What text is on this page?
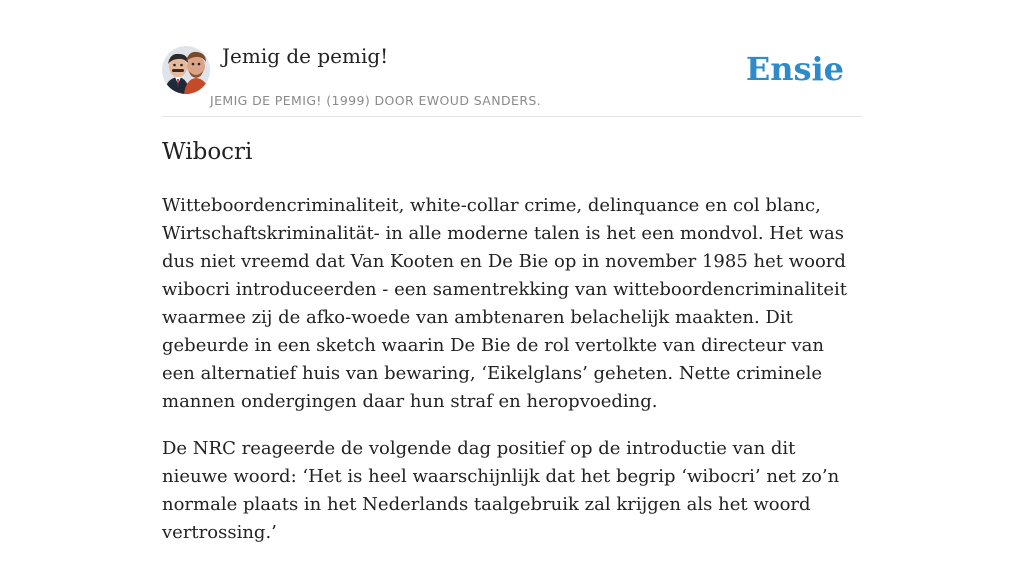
Jemig de pemig!
JEMIG DE PEMIG! (1999) DOOR EWOUD SANDERS.
Ensie
Wibocri

Witteboordencriminaliteit, white-collar crime, delinquance en col blanc, Wirtschaftskriminalität- in alle moderne talen is het een mondvol. Het was dus niet vreemd dat Van Kooten en De Bie op in november 1985 het woord wibocri introduceerden - een samentrekking van witteboordencriminaliteit waarmee zij de afko-woede van ambtenaren belachelijk maakten. Dit gebeurde in een sketch waarin De Bie de rol vertolkte van directeur van een alternatief huis van bewaring, ‘Eikelglans’ geheten. Nette criminele mannen ondergingen daar hun straf en heropvoeding.

De NRC reageerde de volgende dag positief op de introductie van dit nieuwe woord: ‘Het is heel waarschijnlijk dat het begrip ‘wibocri’ net zo’n normale plaats in het Nederlands taalgebruik zal krijgen als het woord vertrossing.’
